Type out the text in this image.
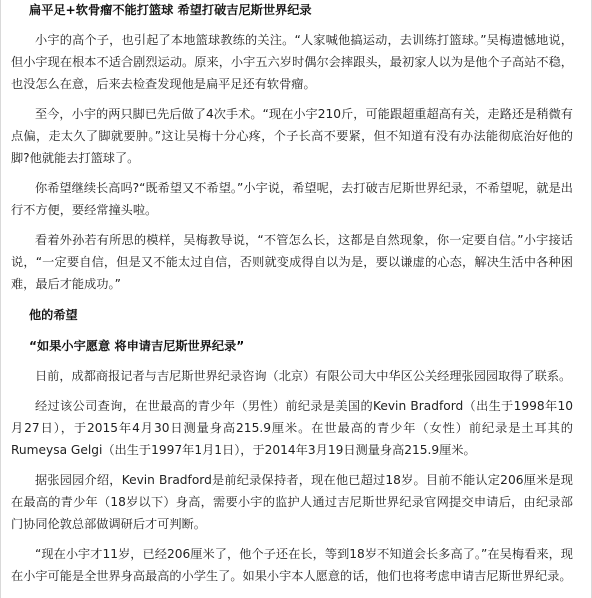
扁平足+软骨瘤不能打篮球 希望打破吉尼斯世界纪录

小宇的高个子，也引起了本地篮球教练的关注。“人家喊他搞运动，去训练打篮球。”吴梅遗憾地说，但小宇现在根本不适合剧烈运动。原来，小宇五六岁时偶尔会摔跟头，最初家人以为是他个子高站不稳，也没怎么在意，后来去检查发现他是扁平足还有软骨瘤。

至今，小宇的两只脚已先后做了4次手术。“现在小宇210斤，可能跟超重超高有关，走路还是稍微有点偏，走太久了脚就要肿。”这让吴梅十分心疼，个子长高不要紧，但不知道有没有办法能彻底治好他的脚?他就能去打篮球了。

你希望继续长高吗?“既希望又不希望。”小宇说，希望呢，去打破吉尼斯世界纪录，不希望呢，就是出行不方便，要经常撞头啦。

看着外孙若有所思的模样，吴梅教导说，“不管怎么长，这都是自然现象，你一定要自信。”小宇接话说，“一定要自信，但是又不能太过自信，否则就变成得自以为是，要以谦虚的心态，解决生活中各种困难，最后才能成功。”

他的希望

“如果小宇愿意 将申请吉尼斯世界纪录”

日前，成都商报记者与吉尼斯世界纪录咨询（北京）有限公司大中华区公关经理张园园取得了联系。

经过该公司查询，在世最高的青少年（男性）前纪录是美国的Kevin Bradford（出生于1998年10月27日），于2015年4月30日测量身高215.9厘米。在世最高的青少年（女性）前纪录是土耳其的Rumeysa Gelgi（出生于1997年1月1日），于2014年3月19日测量身高215.9厘米。

据张园园介绍，Kevin Bradford是前纪录保持者，现在他已超过18岁。目前不能认定206厘米是现在最高的青少年（18岁以下）身高，需要小宇的监护人通过吉尼斯世界纪录官网提交申请后，由纪录部门协同伦敦总部做调研后才可判断。

“现在小宇才11岁，已经206厘米了，他个子还在长，等到18岁不知道会长多高了。”在吴梅看来，现在小宇可能是全世界身高最高的小学生了。如果小宇本人愿意的话，他们也将考虑申请吉尼斯世界纪录。
